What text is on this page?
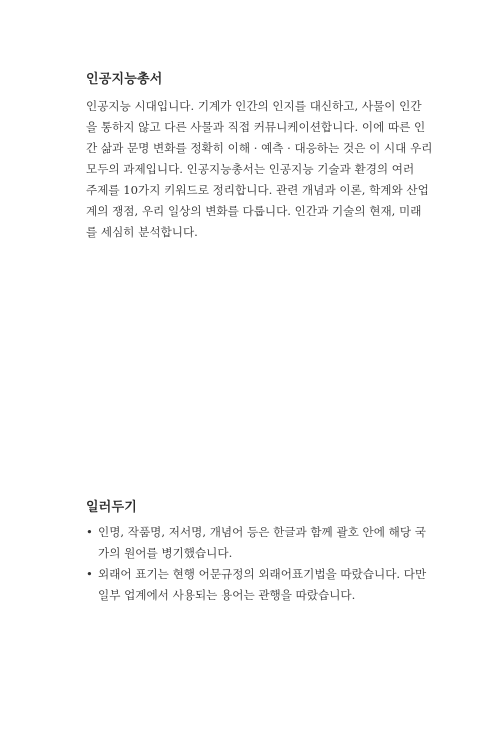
인공지능총서

인공지능 시대입니다. 기계가 인간의 인지를 대신하고, 사물이 인간
을 통하지 않고 다른 사물과 직접 커뮤니케이션합니다. 이에 따른 인
간 삶과 문명 변화를 정확히 이해 · 예측 · 대응하는 것은 이 시대 우리
모두의 과제입니다. 인공지능총서는 인공지능 기술과 환경의 여러
주제를 10가지 키워드로 정리합니다. 관련 개념과 이론, 학계와 산업
계의 쟁점, 우리 일상의 변화를 다룹니다. 인간과 기술의 현재, 미래
를 세심히 분석합니다.

일러두기
• 인명, 작품명, 저서명, 개념어 등은 한글과 함께 괄호 안에 해당 국
가의 원어를 병기했습니다.
• 외래어 표기는 현행 어문규정의 외래어표기법을 따랐습니다. 다만
일부 업계에서 사용되는 용어는 관행을 따랐습니다.
